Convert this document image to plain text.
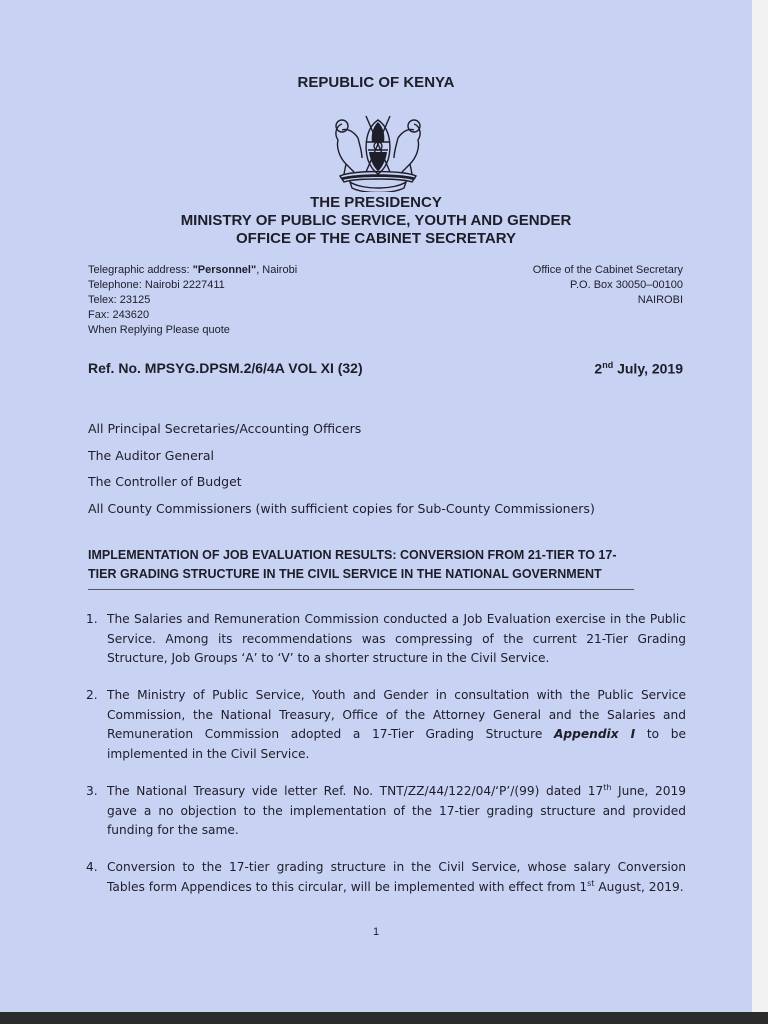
REPUBLIC OF KENYA
THE PRESIDENCY
MINISTRY OF PUBLIC SERVICE, YOUTH AND GENDER
OFFICE OF THE CABINET SECRETARY
Telegraphic address: "Personnel", Nairobi
Telephone: Nairobi 2227411
Telex: 23125
Fax: 243620
When Replying Please quote
Office of the Cabinet Secretary
P.O. Box 30050–00100
NAIROBI
Ref. No. MPSYG.DPSM.2/6/4A VOL XI (32)	2nd July, 2019
All Principal Secretaries/Accounting Officers
The Auditor General
The Controller of Budget
All County Commissioners (with sufficient copies for Sub-County Commissioners)
IMPLEMENTATION OF JOB EVALUATION RESULTS: CONVERSION FROM 21-TIER TO 17-
TIER GRADING STRUCTURE IN THE CIVIL SERVICE IN THE NATIONAL GOVERNMENT
1. The Salaries and Remuneration Commission conducted a Job Evaluation exercise in the Public Service. Among its recommendations was compressing of the current 21-Tier Grading Structure, Job Groups ‘A’ to ‘V’ to a shorter structure in the Civil Service.
2. The Ministry of Public Service, Youth and Gender in consultation with the Public Service Commission, the National Treasury, Office of the Attorney General and the Salaries and Remuneration Commission adopted a 17-Tier Grading Structure Appendix I to be implemented in the Civil Service.
3. The National Treasury vide letter Ref. No. TNT/ZZ/44/122/04/‘P’/(99) dated 17th June, 2019 gave a no objection to the implementation of the 17-tier grading structure and provided funding for the same.
4. Conversion to the 17-tier grading structure in the Civil Service, whose salary Conversion Tables form Appendices to this circular, will be implemented with effect from 1st August, 2019.
1
